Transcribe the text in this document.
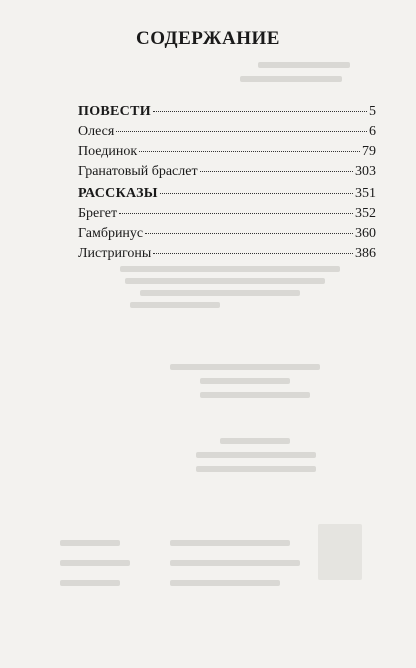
СОДЕРЖАНИЕ
ПОВЕСТИ	5
Олеся	6
Поединок	79
Гранатовый браслет	303
РАССКАЗЫ	351
Брегет	352
Гамбринус	360
Листригоны	386
